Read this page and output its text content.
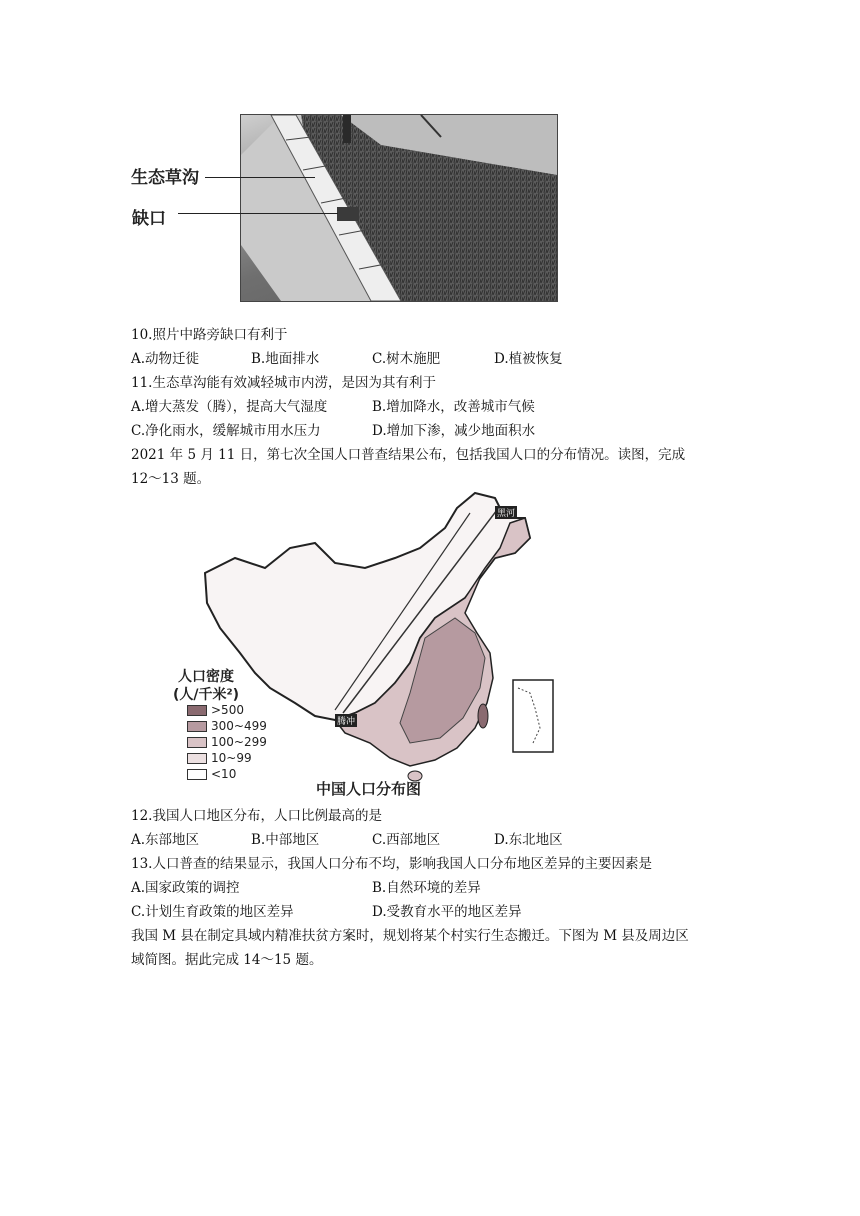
生态草沟
缺口
10.照片中路旁缺口有利于
A.动物迁徙	B.地面排水	C.树木施肥	D.植被恢复
11.生态草沟能有效减轻城市内涝，是因为其有利于
A.增大蒸发（腾），提高大气湿度	B.增加降水，改善城市气候
C.净化雨水，缓解城市用水压力	D.增加下渗，减少地面积水
2021 年 5 月 11 日，第七次全国人口普查结果公布，包括我国人口的分布情况。读图，完成
12～13 题。
黑河
腾冲
人口密度
(人/千米²)
>500
300~499
100~299
10~99
<10
中国人口分布图
12.我国人口地区分布，人口比例最高的是
A.东部地区	B.中部地区	C.西部地区	D.东北地区
13.人口普查的结果显示，我国人口分布不均，影响我国人口分布地区差异的主要因素是
A.国家政策的调控	B.自然环境的差异
C.计划生育政策的地区差异	D.受教育水平的地区差异
我国 M 县在制定具域内精准扶贫方案时，规划将某个村实行生态搬迁。下图为 M 县及周边区
域简图。据此完成 14～15 题。
